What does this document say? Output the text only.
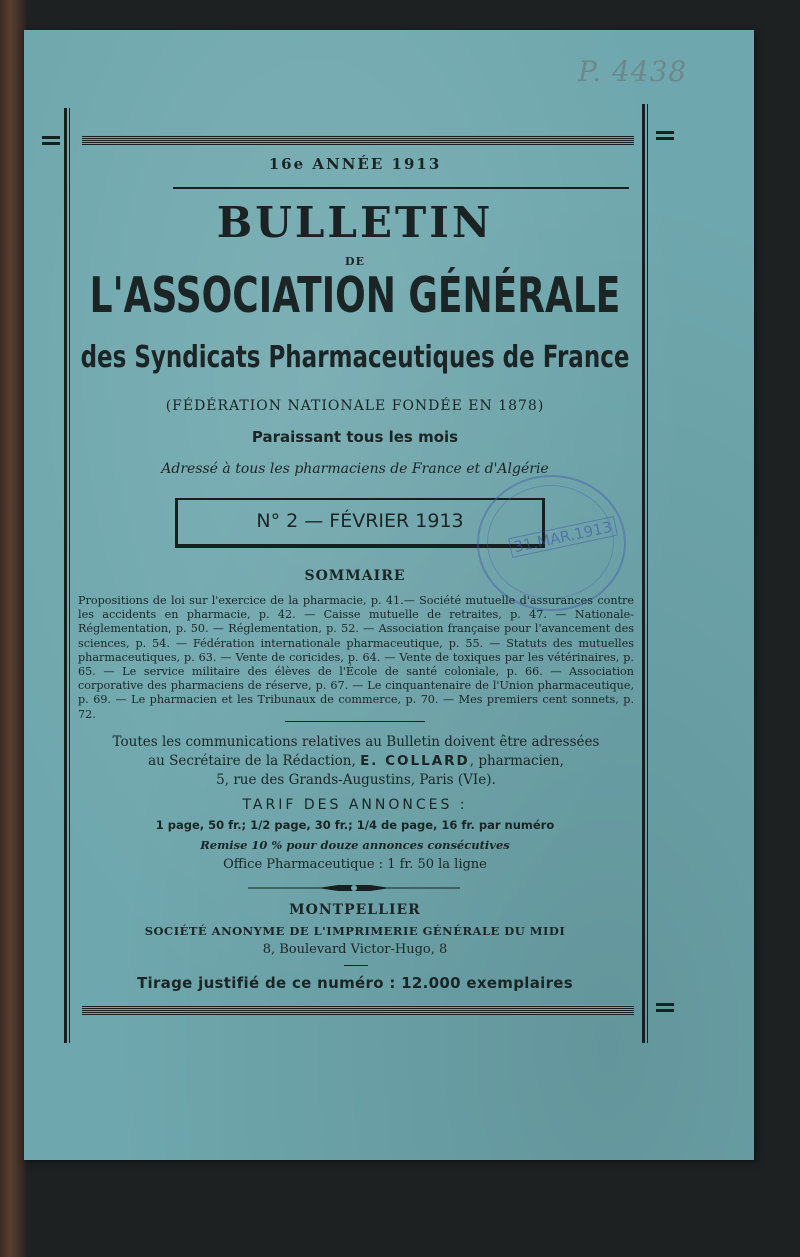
P. 4438
16e ANNÉE 1913
BULLETIN
DE
L'ASSOCIATION GÉNÉRALE
des Syndicats Pharmaceutiques de France
(FÉDÉRATION NATIONALE FONDÉE EN 1878)
Paraissant tous les mois
Adressé à tous les pharmaciens de France et d'Algérie
N° 2 — FÉVRIER 1913	31.MAR.1913
SOMMAIRE
Propositions de loi sur l'exercice de la pharmacie, p. 41.— Société mutuelle d'assurances contre les accidents en pharmacie, p. 42. — Caisse mutuelle de retraites, p. 47. — Nationale-Réglementation, p. 50. — Réglementation, p. 52. — Association française pour l'avancement des sciences, p. 54. — Fédération internationale pharmaceutique, p. 55. — Statuts des mutuelles pharmaceutiques, p. 63. — Vente de coricides, p. 64. — Vente de toxiques par les vétérinaires, p. 65. — Le service militaire des élèves de l'École de santé coloniale, p. 66. — Association corporative des pharmaciens de réserve, p. 67. — Le cinquantenaire de l'Union pharmaceutique, p. 69. — Le pharmacien et les Tribunaux de commerce, p. 70. — Mes premiers cent sonnets, p. 72.
Toutes les communications relatives au Bulletin doivent être adressées
au Secrétaire de la Rédaction, E. COLLARD, pharmacien,
5, rue des Grands-Augustins, Paris (VIe).
TARIF DES ANNONCES :
1 page, 50 fr.; 1/2 page, 30 fr.; 1/4 de page, 16 fr. par numéro
Remise 10 % pour douze annonces consécutives
Office Pharmaceutique : 1 fr. 50 la ligne
MONTPELLIER
SOCIÉTÉ ANONYME DE L'IMPRIMERIE GÉNÉRALE DU MIDI
8, Boulevard Victor-Hugo, 8
Tirage justifié de ce numéro : 12.000 exemplaires
